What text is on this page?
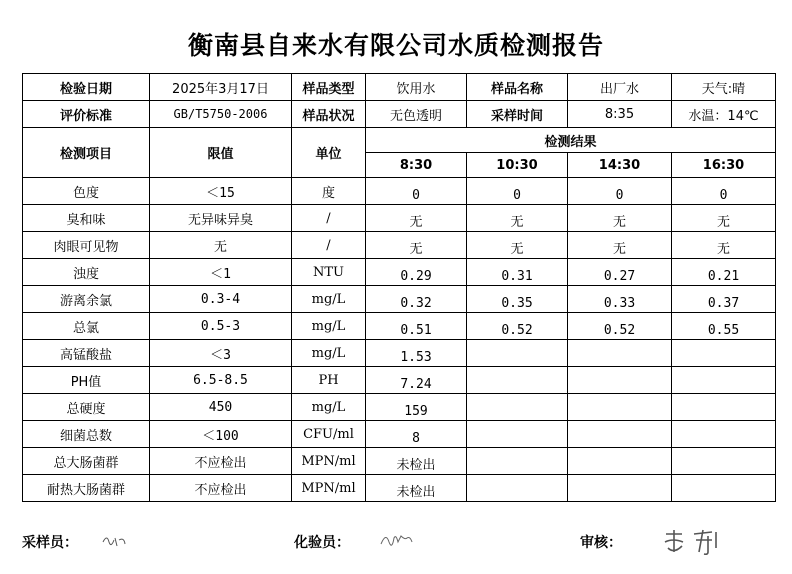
衡南县自来水有限公司水质检测报告
检验日期	2025年3月17日	样品类型	饮用水	样品名称	出厂水	天气:晴
评价标准	GB/T5750-2006	样品状况	无色透明	采样时间	8:35	水温：14℃
检测项目	限值	单位	检测结果			
			8:30	10:30	14:30	16:30
色度	＜15	度	0	0	0	0
臭和味	无异味异臭	/	无	无	无	无
肉眼可见物	无	/	无	无	无	无
浊度	＜1	NTU	0.29	0.31	0.27	0.21
游离余氯	0.3-4	mg/L	0.32	0.35	0.33	0.37
总氯	0.5-3	mg/L	0.51	0.52	0.52	0.55
高锰酸盐	＜3	mg/L	1.53			
PH值	6.5-8.5	PH	7.24			
总硬度	450	mg/L	159			
细菌总数	＜100	CFU/ml	8			
总大肠菌群	不应检出	MPN/ml	未检出			
耐热大肠菌群	不应检出	MPN/ml	未检出			
采样员：	化验员：	审核：
